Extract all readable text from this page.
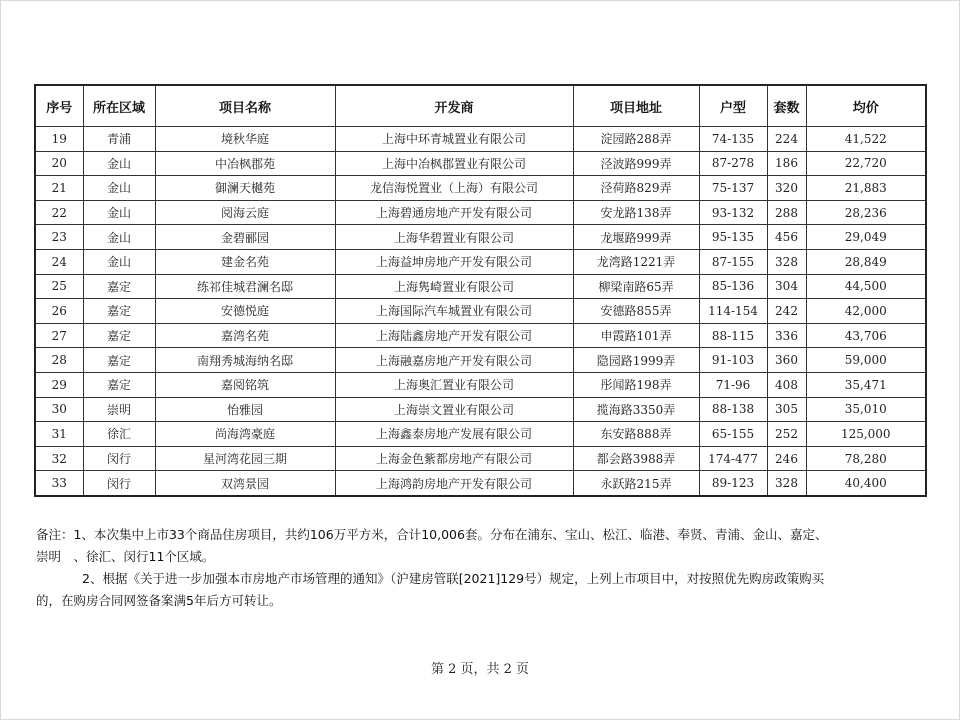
序号	所在区域	项目名称	开发商	项目地址	户型	套数	均价
19	青浦	境秋华庭	上海中环青城置业有限公司	淀园路288弄	74-135	224	41,522
20	金山	中冶枫郡苑	上海中冶枫郡置业有限公司	泾波路999弄	87-278	186	22,720
21	金山	御澜天樾苑	龙信海悦置业（上海）有限公司	泾荷路829弄	75-137	320	21,883
22	金山	阅海云庭	上海碧通房地产开发有限公司	安龙路138弄	93-132	288	28,236
23	金山	金碧郦园	上海华碧置业有限公司	龙堰路999弄	95-135	456	29,049
24	金山	建金名苑	上海益坤房地产开发有限公司	龙湾路1221弄	87-155	328	28,849
25	嘉定	练祁佳城君澜名邸	上海隽崎置业有限公司	柳梁南路65弄	85-136	304	44,500
26	嘉定	安德悦庭	上海国际汽车城置业有限公司	安德路855弄	114-154	242	42,000
27	嘉定	嘉湾名苑	上海陆鑫房地产开发有限公司	申霞路101弄	88-115	336	43,706
28	嘉定	南翔秀城海纳名邸	上海融嘉房地产开发有限公司	隐园路1999弄	91-103	360	59,000
29	嘉定	嘉阅铭筑	上海奥汇置业有限公司	彤闻路198弄	71-96	408	35,471
30	崇明	怡雅园	上海崇文置业有限公司	揽海路3350弄	88-138	305	35,010
31	徐汇	尚海湾豪庭	上海鑫泰房地产发展有限公司	东安路888弄	65-155	252	125,000
32	闵行	星河湾花园三期	上海金色紫都房地产有限公司	都会路3988弄	174-477	246	78,280
33	闵行	双湾景园	上海鸿韵房地产开发有限公司	永跃路215弄	89-123	328	40,400

备注：1、本次集中上市33个商品住房项目，共约106万平方米，合计10,006套。分布在浦东、宝山、松江、临港、奉贤、青浦、金山、嘉定、

崇明　、徐汇、闵行11个区域。

2、根据《关于进一步加强本市房地产市场管理的通知》（沪建房管联[2021]129号）规定，上列上市项目中，对按照优先购房政策购买

的，在购房合同网签备案满5年后方可转让。

第 2 页，共 2 页
